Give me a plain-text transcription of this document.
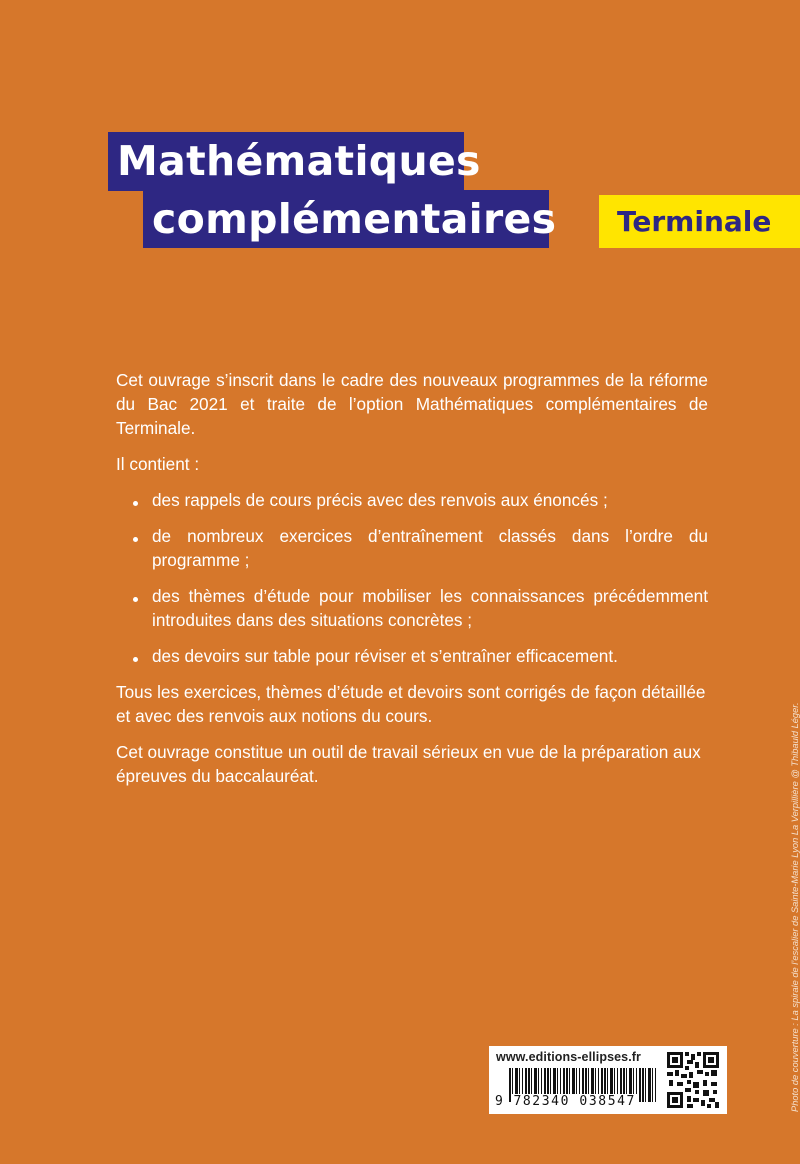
Mathématiques
complémentaires	Terminale

Cet ouvrage s’inscrit dans le cadre des nouveaux programmes de la réforme du Bac 2021 et traite de l’option Mathématiques complémentaires de Terminale.

Il contient :

des rappels de cours précis avec des renvois aux énoncés ;
de nombreux exercices d’entraînement classés dans l’ordre du programme ;
des thèmes d’étude pour mobiliser les connaissances précédemment introduites dans des situations concrètes ;
des devoirs sur table pour réviser et s’entraîner efficacement.

Tous les exercices, thèmes d’étude et devoirs sont corrigés de façon détaillée et avec des renvois aux notions du cours.

Cet ouvrage constitue un outil de travail sérieux en vue de la préparation aux épreuves du baccalauréat.

www.editions-ellipses.fr
9 782340 038547	Photo de couverture : La spirale de l’escalier de Sainte-Marie Lyon La Verpillière @ Thibauld Léger.
